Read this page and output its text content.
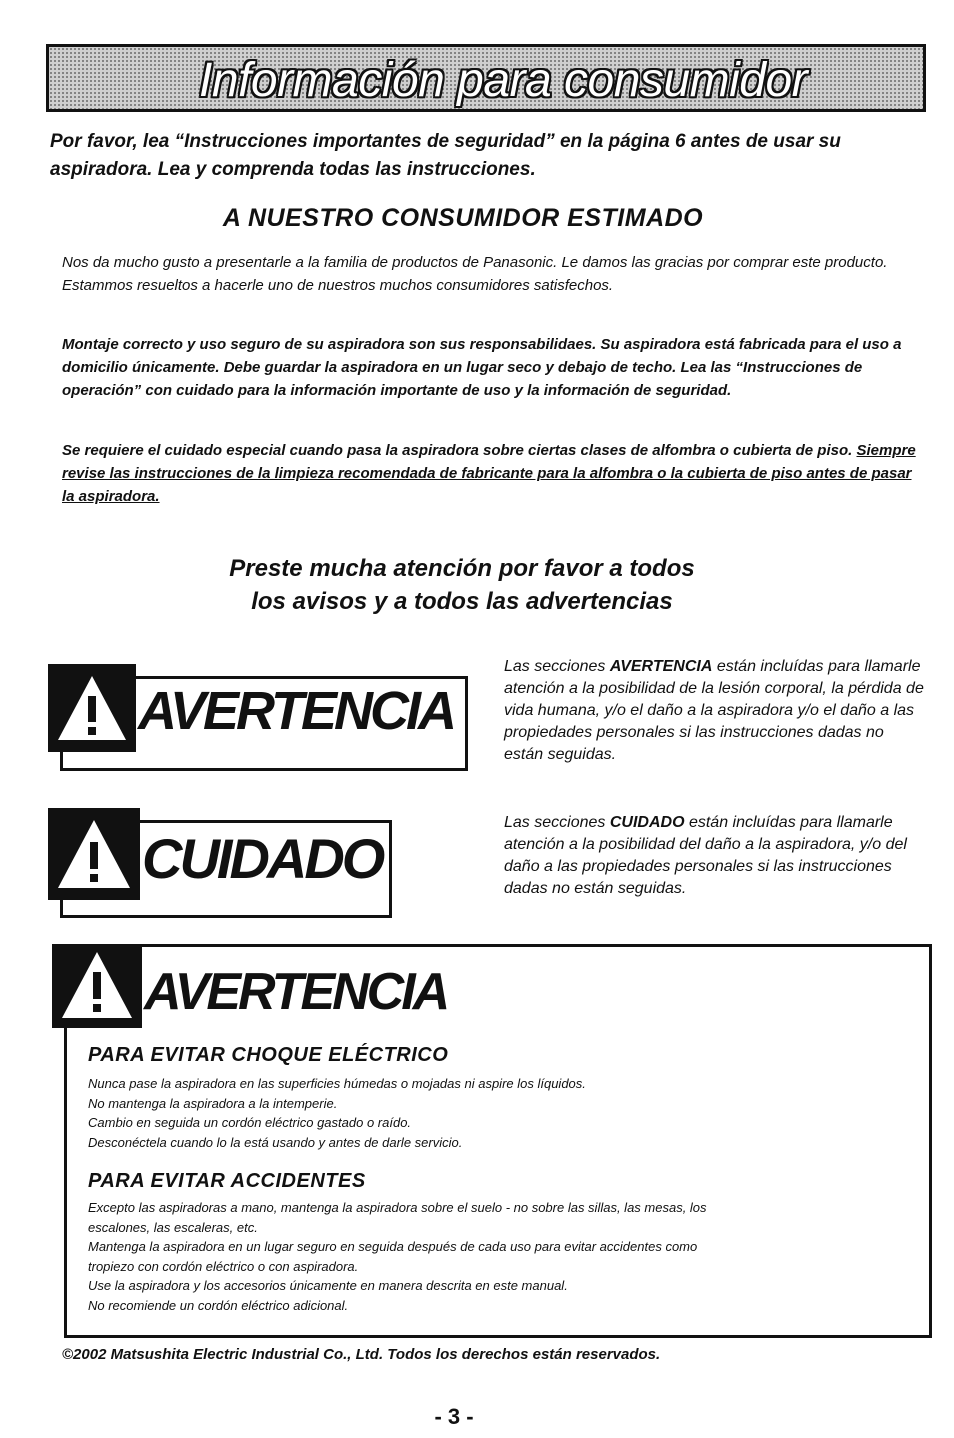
Información para consumidor
Por favor, lea “Instrucciones importantes de seguridad” en la página 6 antes de usar su aspiradora. Lea y comprenda todas las instrucciones.
A NUESTRO CONSUMIDOR ESTIMADO
Nos da mucho gusto a presentarle a la familia de productos de Panasonic. Le damos las gracias por comprar este producto. Estammos resueltos a hacerle uno de nuestros muchos consumidores satisfechos.
Montaje correcto y uso seguro de su aspiradora son sus responsabilidaes. Su aspiradora está fabricada para el uso a domicilio únicamente. Debe guardar la aspiradora en un lugar seco y debajo de techo. Lea las “Instrucciones de operación” con cuidado para la información importante de uso y la información de seguridad.
Se requiere el cuidado especial cuando pasa la aspiradora sobre ciertas clases de alfombra o cubierta de piso. Siempre revise las instrucciones de la limpieza recomendada de fabricante para la alfombra o la cubierta de piso antes de pasar la aspiradora.
Preste mucha atención por favor a todos
los avisos y a todos las advertencias
AVERTENCIA
Las secciones AVERTENCIA están incluídas para llamarle atención a la posibilidad de la lesión corporal, la pérdida de vida humana, y/o el daño a la aspiradora y/o el daño a las propiedades personales si las instrucciones dadas no están seguidas.
CUIDADO
Las secciones CUIDADO están incluídas para llamarle atención a la posibilidad del daño a la aspiradora, y/o del daño a las propiedades personales si las instrucciones dadas no están seguidas.
AVERTENCIA
PARA EVITAR CHOQUE ELÉCTRICO
Nunca pase la aspiradora en las superficies húmedas o mojadas ni aspire los líquidos.
No mantenga la aspiradora a la intemperie.
Cambio en seguida un cordón eléctrico gastado o raído.
Desconéctela cuando lo la está usando y antes de darle servicio.
PARA EVITAR ACCIDENTES
Excepto las aspiradoras a mano, mantenga la aspiradora sobre el suelo - no sobre las sillas, las mesas, los
escalones, las escaleras, etc.
Mantenga la aspiradora en un lugar seguro en seguida después de cada uso para evitar accidentes como
tropiezo con cordón eléctrico o con aspiradora.
Use la aspiradora y los accesorios únicamente en manera descrita en este manual.
No recomiende un cordón eléctrico adicional.
©2002 Matsushita Electric Industrial Co., Ltd. Todos los derechos están reservados.
- 3 -
